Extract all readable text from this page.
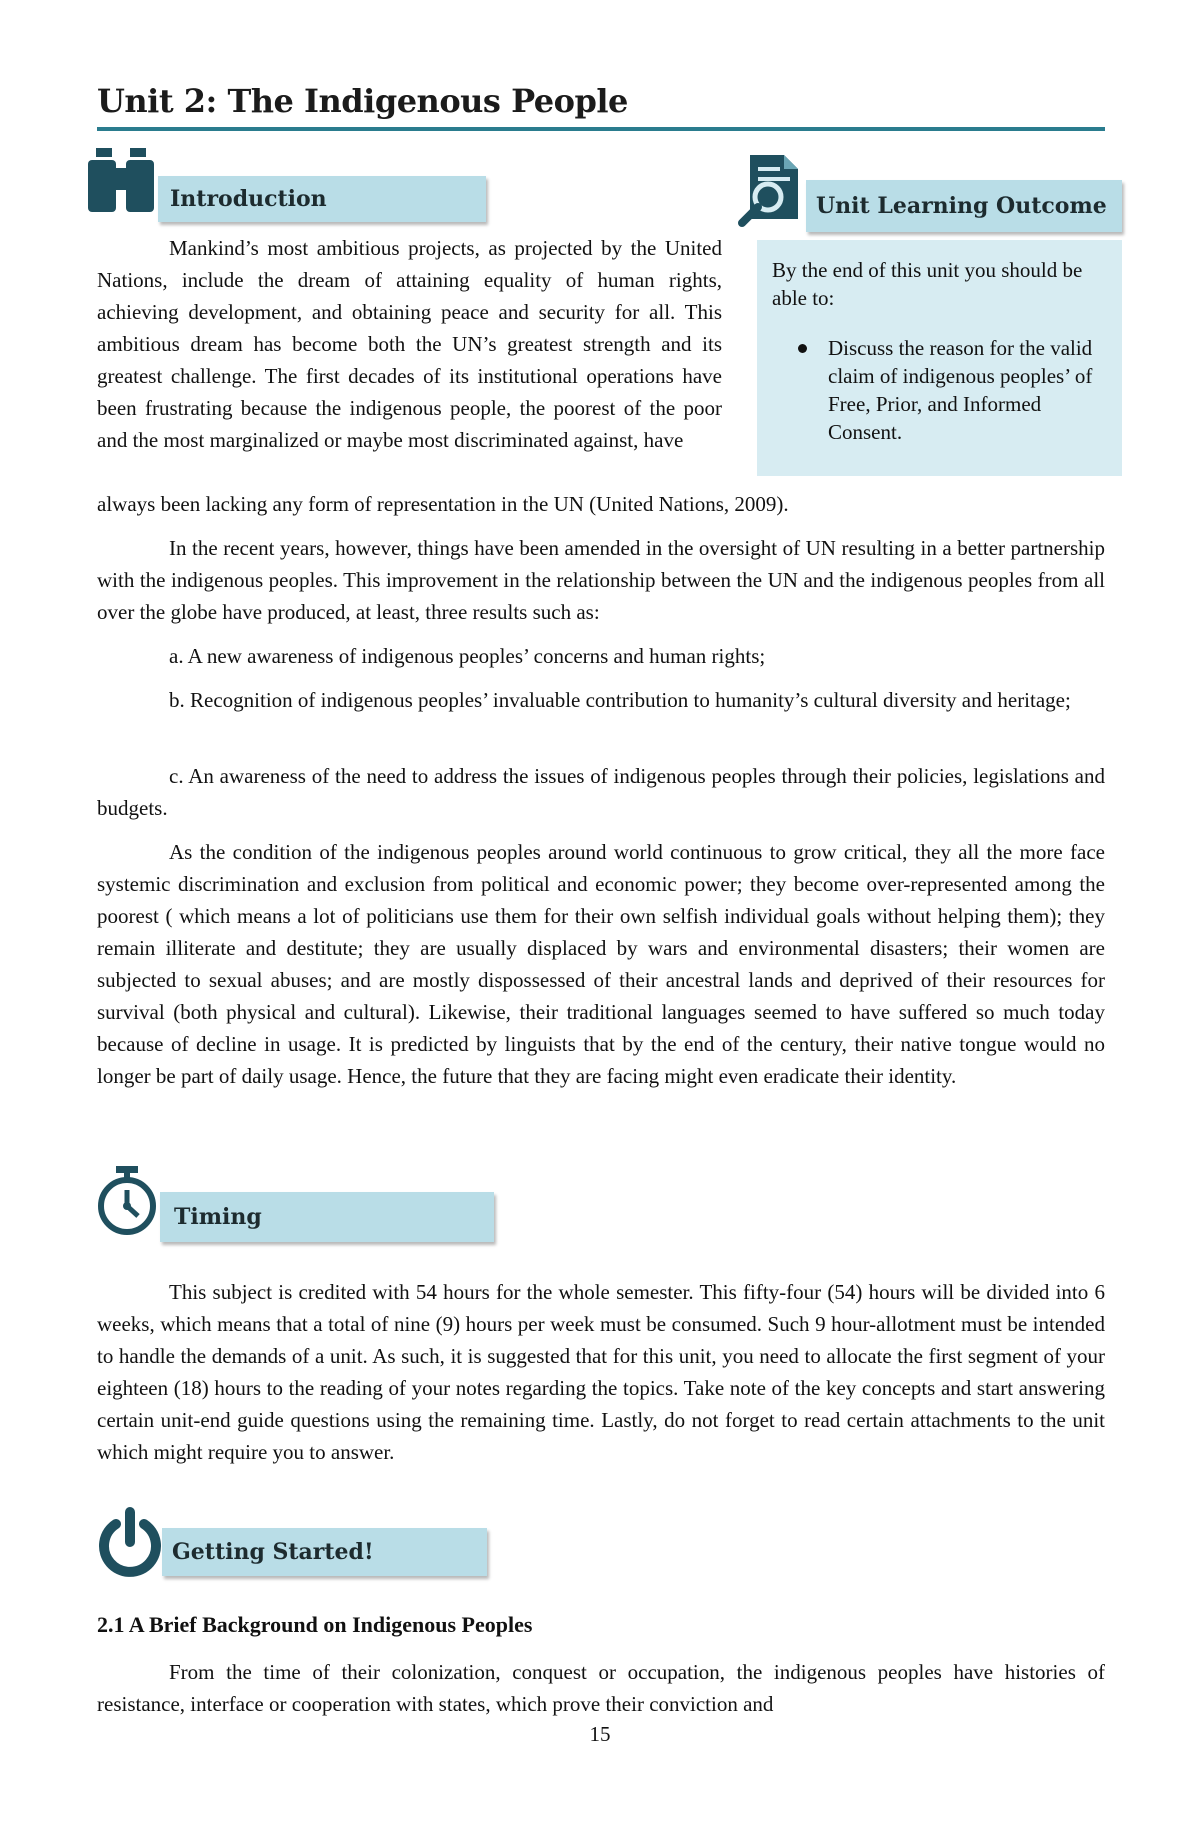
Unit 2: The Indigenous People
Introduction	Unit Learning Outcome
By the end of this unit you should be able to:
Discuss the reason for the valid claim of indigenous peoples’ of Free, Prior, and Informed Consent.

Mankind’s most ambitious projects, as projected by the United Nations, include the dream of attaining equality of human rights, achieving development, and obtaining peace and security for all. This ambitious dream has become both the UN’s greatest strength and its greatest challenge. The first decades of its institutional operations have been frustrating because the indigenous people, the poorest of the poor and the most marginalized or maybe most discriminated against, have

always been lacking any form of representation in the UN (United Nations, 2009).

In the recent years, however, things have been amended in the oversight of UN resulting in a better partnership with the indigenous peoples. This improvement in the relationship between the UN and the indigenous peoples from all over the globe have produced, at least, three results such as:

a. A new awareness of indigenous peoples’ concerns and human rights;

b. Recognition of indigenous peoples’ invaluable contribution to humanity’s cultural diversity and heritage;

c. An awareness of the need to address the issues of indigenous peoples through their policies, legislations and budgets.

As the condition of the indigenous peoples around world continuous to grow critical, they all the more face systemic discrimination and exclusion from political and economic power; they become over-represented among the poorest ( which means a lot of politicians use them for their own selfish individual goals without helping them); they remain illiterate and destitute; they are usually displaced by wars and environmental disasters; their women are subjected to sexual abuses; and are mostly dispossessed of their ancestral lands and deprived of their resources for survival (both physical and cultural). Likewise, their traditional languages seemed to have suffered so much today because of decline in usage. It is predicted by linguists that by the end of the century, their native tongue would no longer be part of daily usage. Hence, the future that they are facing might even eradicate their identity.

Timing

This subject is credited with 54 hours for the whole semester. This fifty-four (54) hours will be divided into 6 weeks, which means that a total of nine (9) hours per week must be consumed. Such 9 hour-allotment must be intended to handle the demands of a unit. As such, it is suggested that for this unit, you need to allocate the first segment of your eighteen (18) hours to the reading of your notes regarding the topics. Take note of the key concepts and start answering certain unit-end guide questions using the remaining time. Lastly, do not forget to read certain attachments to the unit which might require you to answer.

Getting Started!
2.1 A Brief Background on Indigenous Peoples

From the time of their colonization, conquest or occupation, the indigenous peoples have histories of resistance, interface or cooperation with states, which prove their conviction and

15
